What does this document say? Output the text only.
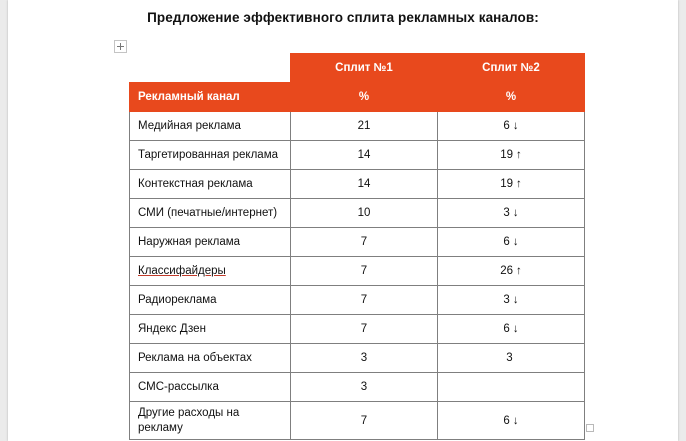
Предложение эффективного сплита рекламных каналов:
	Сплит №1	Сплит №2
Рекламный канал	%	%
Медийная реклама	21	6 ↓
Таргетированная реклама	14	19 ↑
Контекстная реклама	14	19 ↑
СМИ (печатные/интернет)	10	3 ↓
Наружная реклама	7	6 ↓
Классифайдеры	7	26 ↑
Радиореклама	7	3 ↓
Яндекс Дзен	7	6 ↓
Реклама на объектах	3	3
СМС-рассылка	3	
Другие расходы на рекламу	7	6 ↓
